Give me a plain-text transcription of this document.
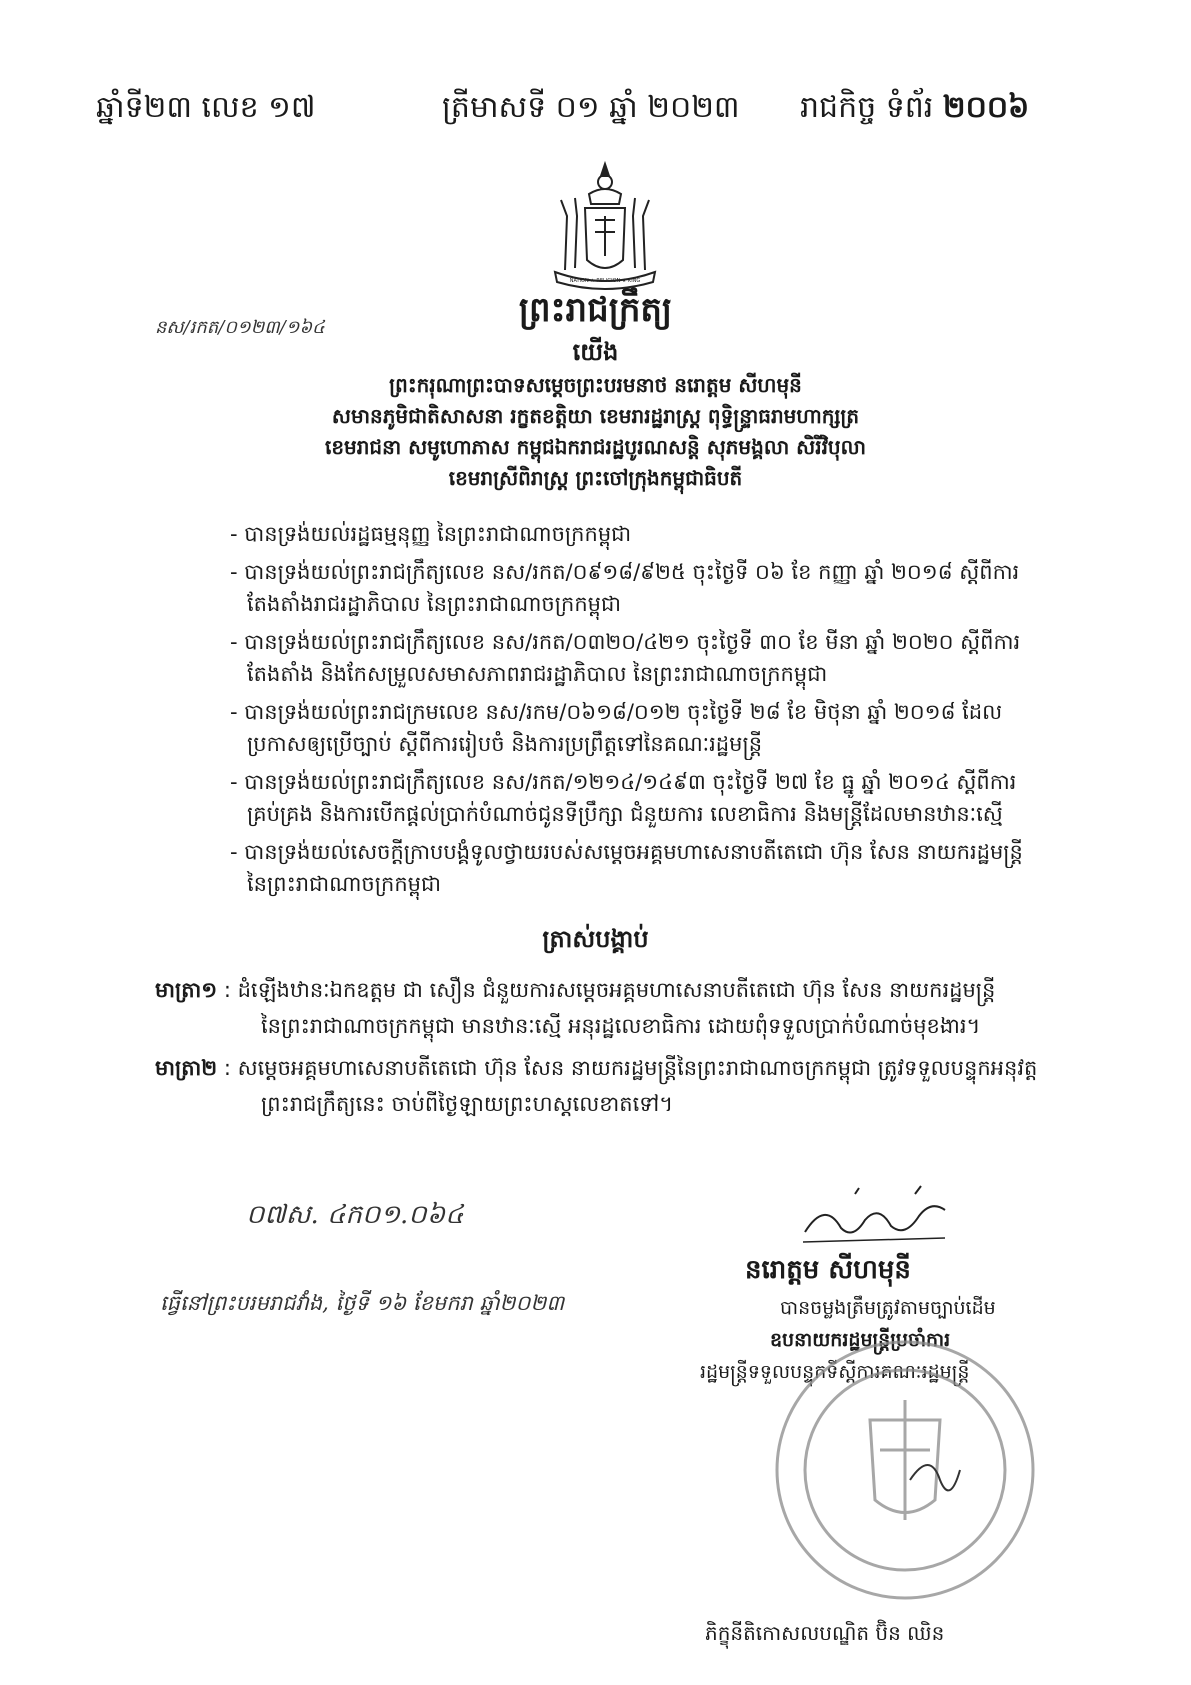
ឆ្នាំទី២៣ លេខ ១៧	ត្រីមាសទី ០១ ឆ្នាំ ២០២៣ រាជកិច្ច ទំព័រ ២០០៦
NATION ★ RELIGION ★ KING
ព្រះរាជក្រឹត្យ
នស/រកត/០១២៣/១៦៤
យើង
ព្រះករុណាព្រះបាទសម្តេចព្រះបរមនាថ នរោត្តម សីហមុនី
សមានភូមិជាតិសាសនា រក្ខតខត្តិយា ខេមរារដ្ឋរាស្ត្រ ពុទ្ធិន្ទ្រាធរាមហាក្សត្រ
ខេមរាជនា សមូហោភាស កម្ពុជឯករាជរដ្ឋបូរណសន្តិ សុភមង្គលា សិរីវិបុលា
ខេមរាស្រីពិរាស្ត្រ ព្រះចៅក្រុងកម្ពុជាធិបតី
- បានទ្រង់យល់រដ្ឋធម្មនុញ្ញ នៃព្រះរាជាណាចក្រកម្ពុជា
- បានទ្រង់យល់ព្រះរាជក្រឹត្យលេខ នស/រកត/០៩១៨/៩២៥ ចុះថ្ងៃទី ០៦ ខែ កញ្ញា ឆ្នាំ ២០១៨ ស្តីពីការ
តែងតាំងរាជរដ្ឋាភិបាល នៃព្រះរាជាណាចក្រកម្ពុជា
- បានទ្រង់យល់ព្រះរាជក្រឹត្យលេខ នស/រកត/០៣២០/៤២១ ចុះថ្ងៃទី ៣០ ខែ មីនា ឆ្នាំ ២០២០ ស្តីពីការ
តែងតាំង និងកែសម្រួលសមាសភាពរាជរដ្ឋាភិបាល នៃព្រះរាជាណាចក្រកម្ពុជា
- បានទ្រង់យល់ព្រះរាជក្រមលេខ នស/រកម/០៦១៨/០១២ ចុះថ្ងៃទី ២៨ ខែ មិថុនា ឆ្នាំ ២០១៨ ដែល
ប្រកាសឲ្យប្រើច្បាប់ ស្តីពីការរៀបចំ និងការប្រព្រឹត្តទៅនៃគណៈរដ្ឋមន្ត្រី
- បានទ្រង់យល់ព្រះរាជក្រឹត្យលេខ នស/រកត/១២១៤/១៤៩៣ ចុះថ្ងៃទី ២៧ ខែ ធ្នូ ឆ្នាំ ២០១៤ ស្តីពីការ
គ្រប់គ្រង និងការបើកផ្តល់ប្រាក់បំណាច់ជូនទីប្រឹក្សា ជំនួយការ លេខាធិការ និងមន្ត្រីដែលមានឋានៈស្មើ
- បានទ្រង់យល់សេចក្តីក្រាបបង្គំទូលថ្វាយរបស់សម្តេចអគ្គមហាសេនាបតីតេជោ ហ៊ុន សែន នាយករដ្ឋមន្ត្រី
នៃព្រះរាជាណាចក្រកម្ពុជា
ត្រាស់បង្គាប់
មាត្រា១ : ដំឡើងឋានៈឯកឧត្តម ជា សឿន ជំនួយការសម្តេចអគ្គមហាសេនាបតីតេជោ ហ៊ុន សែន នាយករដ្ឋមន្ត្រី
នៃព្រះរាជាណាចក្រកម្ពុជា មានឋានៈស្មើ អនុរដ្ឋលេខាធិការ ដោយពុំទទួលប្រាក់បំណាច់មុខងារ។
មាត្រា២ : សម្តេចអគ្គមហាសេនាបតីតេជោ ហ៊ុន សែន នាយករដ្ឋមន្ត្រីនៃព្រះរាជាណាចក្រកម្ពុជា ត្រូវទទួលបន្ទុកអនុវត្ត
ព្រះរាជក្រឹត្យនេះ ចាប់ពីថ្ងៃឡាយព្រះហស្តលេខាតទៅ។
០៧ស. ៤ក០១.០៦៤
ធ្វើនៅព្រះបរមរាជវាំង, ថ្ងៃទី ១៦ ខែមករា ឆ្នាំ២០២៣
នរោត្តម សីហមុនី
បានចម្លងត្រឹមត្រូវតាមច្បាប់ដើម
ឧបនាយករដ្ឋមន្ត្រីប្រចាំការ
រដ្ឋមន្ត្រីទទួលបន្ទុកទីស្តីការគណៈរដ្ឋមន្ត្រី
ភិក្ខុនីតិកោសលបណ្ឌិត ប៊ិន ឈិន
